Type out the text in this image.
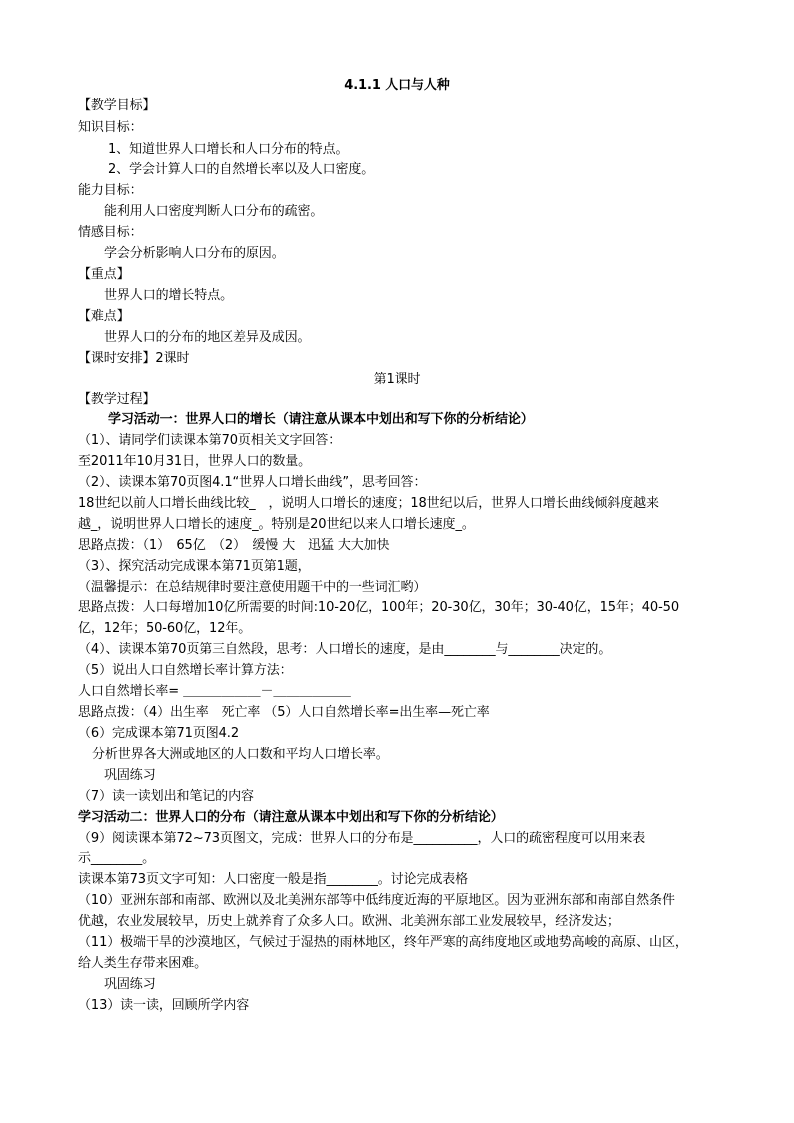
4.1.1 人口与人种
【教学目标】
知识目标：
1、知道世界人口增长和人口分布的特点。
2、学会计算人口的自然增长率以及人口密度。
能力目标：
能利用人口密度判断人口分布的疏密。
情感目标：
学会分析影响人口分布的原因。
【重点】
世界人口的增长特点。
【难点】
世界人口的分布的地区差异及成因。
【课时安排】2课时
第1课时
【教学过程】
学习活动一：世界人口的增长（请注意从课本中划出和写下你的分析结论）
（1）、请同学们读课本第70页相关文字回答：
至2011年10月31日，世界人口的数量。
（2）、读课本第70页图4.1“世界人口增长曲线”，思考回答：
18世纪以前人口增长曲线比较_　，说明人口增长的速度；18世纪以后，世界人口增长曲线倾斜度越来
越_，说明世界人口增长的速度_。特别是20世纪以来人口增长速度_。
思路点拨：（1）　65亿　（2）　缓慢 大　迅猛 大大加快
（3）、探究活动完成课本第71页第1题，
（温馨提示：在总结规律时要注意使用题干中的一些词汇哟）
思路点拨：人口每增加10亿所需要的时间:10-20亿，100年；20-30亿，30年；30-40亿，15年；40-50
亿，12年；50-60亿，12年。
（4）、读课本第70页第三自然段，思考：人口增长的速度，是由________与________决定的。
（5）说出人口自然增长率计算方法：
人口自然增长率= ＿＿＿＿＿＿－＿＿＿＿＿＿
思路点拨：（4）出生率　死亡率 （5）人口自然增长率=出生率—死亡率
（6）完成课本第71页图4.2
分析世界各大洲或地区的人口数和平均人口增长率。
巩固练习
（7）读一读划出和笔记的内容
学习活动二：世界人口的分布（请注意从课本中划出和写下你的分析结论）
（9）阅读课本第72~73页图文，完成：世界人口的分布是__________，人口的疏密程度可以用来表
示________。
读课本第73页文字可知：人口密度一般是指________。讨论完成表格
（10）亚洲东部和南部、欧洲以及北美洲东部等中低纬度近海的平原地区。因为亚洲东部和南部自然条件
优越，农业发展较早，历史上就养育了众多人口。欧洲、北美洲东部工业发展较早，经济发达；
（11）极端干旱的沙漠地区，气候过于湿热的雨林地区，终年严寒的高纬度地区或地势高峻的高原、山区，
给人类生存带来困难。
巩固练习
（13）读一读，回顾所学内容
